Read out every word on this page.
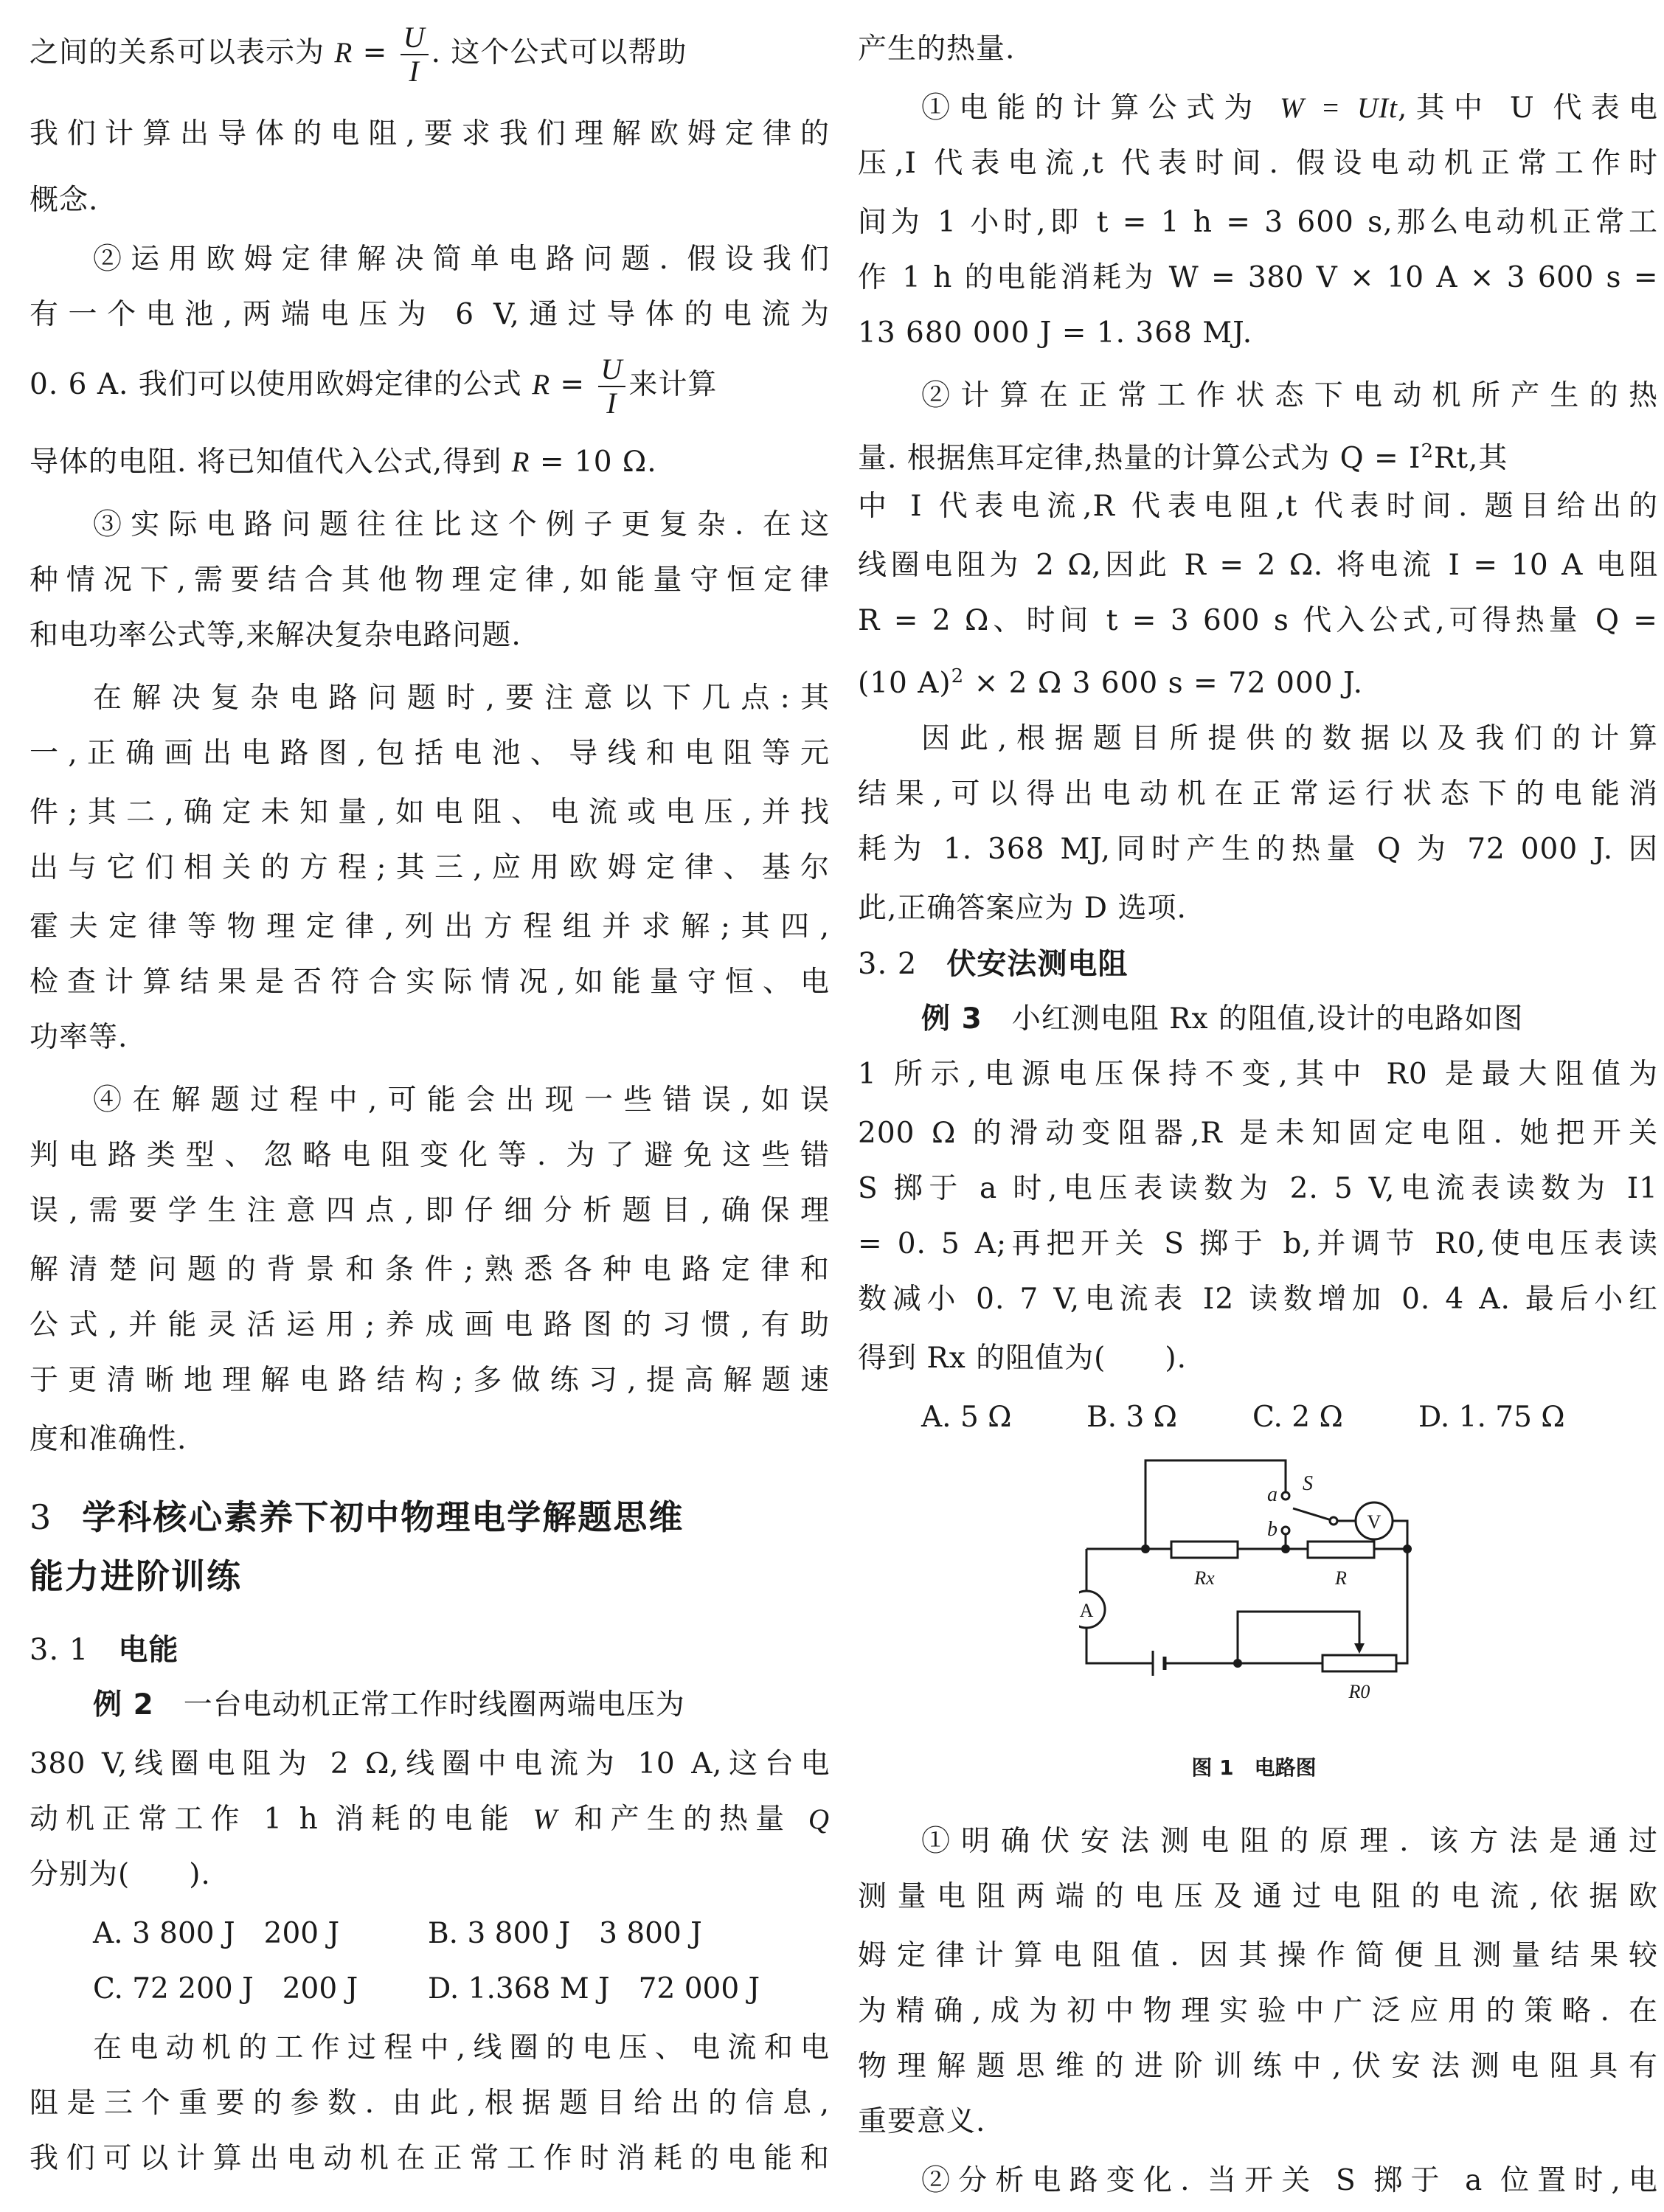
之间的关系可以表示为 $R = \frac{U}{I}$ . 这个公式可以帮助
我们计算出导体的电阻,要求我们理解欧姆定律的
概念.
②运用欧姆定律解决简单电路问题. 假设我们
有一个电池,两端电压为 6 V,通过导体的电流为
0. 6 A. 我们可以使用欧姆定律的公式 $R = \frac{U}{I}$ 来计算
导体的电阻. 将已知值代入公式,得到 R = 10 Ω.
③实际电路问题往往比这个例子更复杂. 在这
种情况下,需要结合其他物理定律,如能量守恒定律
和电功率公式等,来解决复杂电路问题.
在解决复杂电路问题时,要注意以下几点:其
一,正确画出电路图,包括电池、导线和电阻等元
件;其二,确定未知量,如电阻、电流或电压,并找
出与它们相关的方程;其三,应用欧姆定律、基尔
霍夫定律等物理定律,列出方程组并求解;其四,
检查计算结果是否符合实际情况,如能量守恒、电
功率等.
④在解题过程中,可能会出现一些错误,如误
判电路类型、忽略电阻变化等. 为了避免这些错
误,需要学生注意四点,即仔细分析题目,确保理
解清楚问题的背景和条件;熟悉各种电路定律和
公式,并能灵活运用;养成画电路图的习惯,有助
于更清晰地理解电路结构;多做练习,提高解题速
度和准确性.
3 学科核心素养下初中物理电学解题思维
能力进阶训练
3. 1 电能
例 2　 一台电动机正常工作时线圈两端电压为
380 V,线圈电阻为 2 Ω,线圈中电流为 10 A,这台电
动机正常工作 1 h 消耗的电能 W 和产生的热量 Q
分别为(　　).
A. 3 800 J　200 J	B. 3 800 J　3 800 J
C. 72 200 J　200 J D. 1.368 M J　72 000 J
在电动机的工作过程中,线圈的电压、电流和电
阻是三个重要的参数. 由此,根据题目给出的信息,
我们可以计算出电动机在正常工作时消耗的电能和
产生的热量.
①电能的计算公式为 W = UIt,其中 U 代表电
压,I 代表电流,t 代表时间. 假设电动机正常工作时
间为 1 小时,即 t = 1 h = 3 600 s,那么电动机正常工
作 1 h 的电能消耗为 W = 380 V × 10 A × 3 600 s =
13 680 000 J = 1. 368 MJ.
②计算在正常工作状态下电动机所产生的热
量. 根据焦耳定律,热量的计算公式为 $Q = I^2Rt$,其
中 I 代表电流,R 代表电阻,t 代表时间. 题目给出的
线圈电阻为 2 Ω,因此 R = 2 Ω. 将电流 I = 10 A 电阻
R = 2 Ω、时间 t = 3 600 s 代入公式,可得热量 Q =
(10 A)$^2$ × 2 Ω 3 600 s = 72 000 J.
因此,根据题目所提供的数据以及我们的计算
结果,可以得出电动机在正常运行状态下的电能消
耗为 1. 368 MJ,同时产生的热量 Q 为 72 000 J. 因
此,正确答案应为 D 选项.
3. 2 伏安法测电阻
例 3　 小红测电阻 Rx 的阻值,设计的电路如图
1 所示,电源电压保持不变,其中 R0 是最大阻值为
200 Ω 的滑动变阻器,R 是未知固定电阻. 她把开关
S 掷于 a 时,电压表读数为 2. 5 V,电流表读数为 I1
= 0. 5 A;再把开关 S 掷于 b,并调节 R0,使电压表读
数减小 0. 7 V,电流表 I2 读数增加 0. 4 A. 最后小红
得到 Rx 的阻值为(　　).
A. 5 Ω	B. 3 Ω	C. 2 Ω	D. 1. 75 Ω
①明确伏安法测电阻的原理. 该方法是通过
测量电阻两端的电压及通过电阻的电流,依据欧
姆定律计算电阻值. 因其操作简便且测量结果较
为精确,成为初中物理实验中广泛应用的策略. 在
物理解题思维的进阶训练中,伏安法测电阻具有
重要意义.
②分析电路变化. 当开关 S 掷于 a 位置时,电
a
b
S
V
A
Rx	R
R0
图 1　电路图
